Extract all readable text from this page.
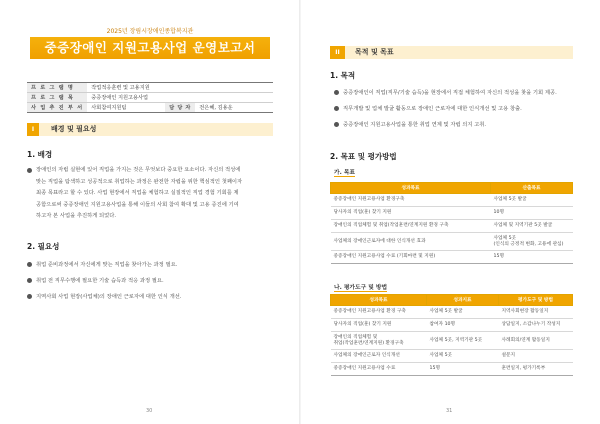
2025년 장림시장애인종합복지관
중증장애인 지원고용사업 운영보고서
프 로 그 램 명	작업적응훈련 및 고용지원		
프 로 그 램 목	중증장애인 지원고용사업		
사 업 추 진 부 서	사회참여지원팀	담 당 자	전은혜, 김용운
I	배경 및 필요성
1. 배경
장애인의 자립 실현에 있어 직업을 가지는 것은 무엇보다 중요한 요소이다. 자신의 적성에
맞는 직업을 탐색하고 성공적으로 취업하는 과정은 완전한 자립을 위한 핵심적인 첫째이자
최종 목표라고 할 수 있다. 사업 현장에서 직업을 체험하고 실질적인 직업 경험 기회를 제
공함으로써 중증장애인 지원고용사업을 통해 이들의 사회 참여 확대 및 고용 증진에 기여
하고자 본 사업을 추진하게 되었다.
2. 필요성
취업 준비과정에서 자신에게 맞는 직업을 찾아가는 과정 필요.
취업 전 직무수행에 필요한 기술 습득과 적응 과정 필요.
지역사회 사업 현장(사업체)의 장애인 근로자에 대한 인식 개선.
30
II	목적 및 목표
1. 목적
중증장애인이 직업(직무/기술 습득)을 현장에서 직접 체험하여 자신의 적성을 찾을 기회 제공.
직무개발 및 업체 발굴 활동으로 장애인 근로자에 대한 인식개선 및 고용 창출.
중증장애인 지원고용사업을 통한 취업 연계 및 자립 의지 고취.
2. 목표 및 평가방법
가. 목표
성과목표	산출목표
중증장애인 지원고용사업 환경구축	사업체 5곳 발굴
당사자의 직업(훈) 찾기 지원	10명
장애인의 직업체험 및 취업(작업훈련/연계지원 환경 구축	사업체 및 지역기관 5곳 발굴
사업체의 장애인근로자에 대한 인식개선 효과	사업체 5곳
(인식의 긍정적 변화, 고용에 관심)
중증장애인 지원고용사업 수료 (기회마련 및 지원)	15명
나. 평가도구 및 방법
성과목표	성과지표	평가도구 및 방법
중증장애인 지원고용사업 환경 구축	사업체 5곳 발굴	지역사회현장 활동일지
당사자의 직업(훈) 찾기 지원	참여자 10명	상담일지, 소감나누기 작성지
장애인의 직업체험 및
취업(작업훈련/연계지원) 환경구축	사업체 5곳, 지역기관 5곳	사례회의/연계 활동일지
사업체의 장애인근로자 인식개선	사업체 5곳	설문지
중증장애인 지원고용사업 수료	15명	훈련일지, 평가기록부
31
